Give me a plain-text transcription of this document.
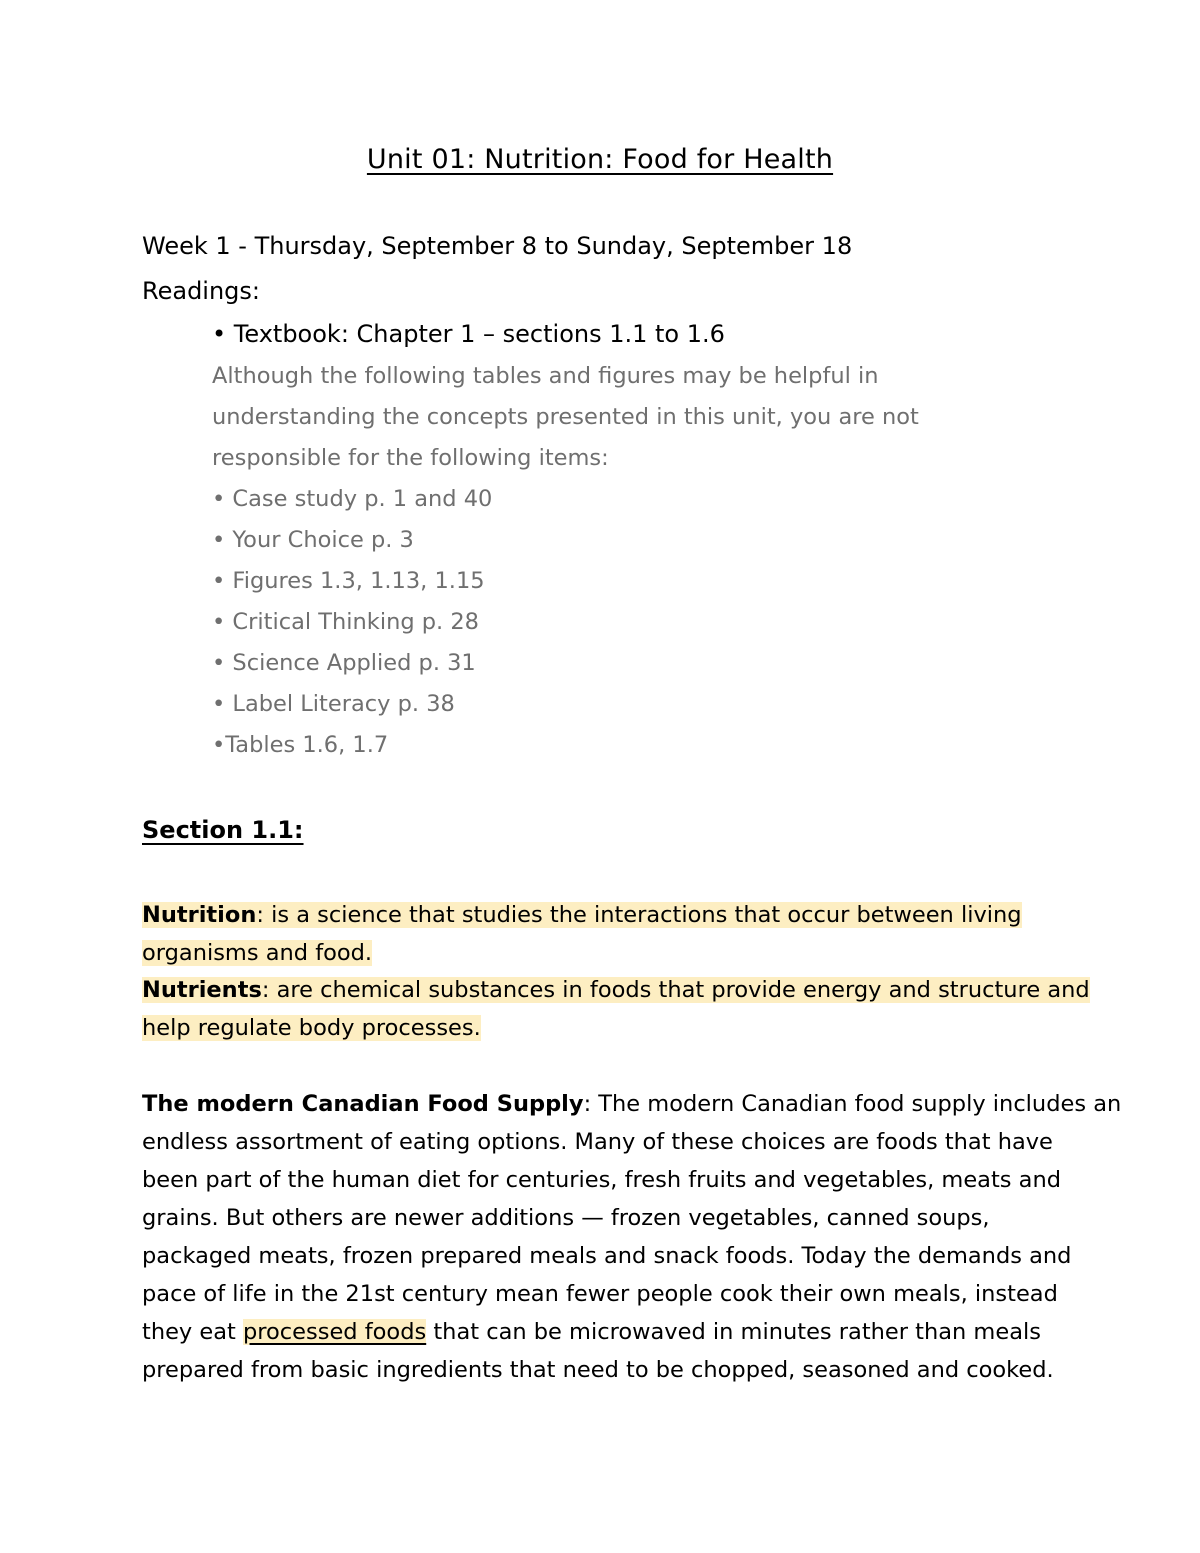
Unit 01: Nutrition: Food for Health
Week 1 - Thursday, September 8 to Sunday, September 18
Readings:
• Textbook: Chapter 1 – sections 1.1 to 1.6
Although the following tables and figures may be helpful in
understanding the concepts presented in this unit, you are not
responsible for the following items:
• Case study p. 1 and 40
• Your Choice p. 3
• Figures 1.3, 1.13, 1.15
• Critical Thinking p. 28
• Science Applied p. 31
• Label Literacy p. 38
•Tables 1.6, 1.7
Section 1.1:
Nutrition: is a science that studies the interactions that occur between living
organisms and food.
Nutrients: are chemical substances in foods that provide energy and structure and
help regulate body processes.
The modern Canadian Food Supply: The modern Canadian food supply includes an
endless assortment of eating options. Many of these choices are foods that have
been part of the human diet for centuries, fresh fruits and vegetables, meats and
grains. But others are newer additions — frozen vegetables, canned soups,
packaged meats, frozen prepared meals and snack foods. Today the demands and
pace of life in the 21st century mean fewer people cook their own meals, instead
they eat processed foods that can be microwaved in minutes rather than meals
prepared from basic ingredients that need to be chopped, seasoned and cooked.
